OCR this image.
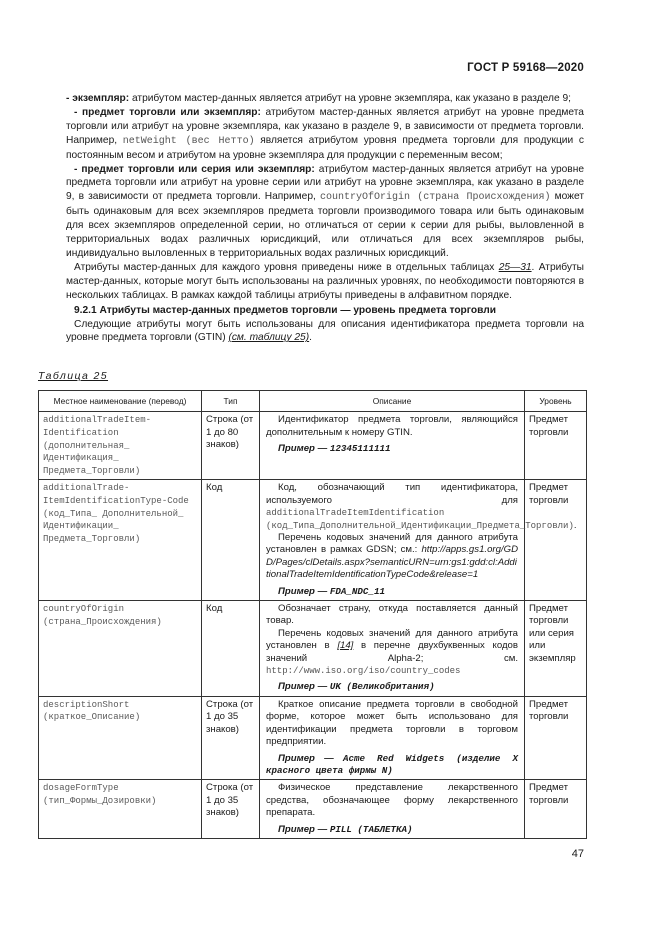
ГОСТ Р 59168—2020

- экземпляр: атрибутом мастер-данных является атрибут на уровне экземпляра, как указано в разделе 9;

- предмет торговли или экземпляр: атрибутом мастер-данных является атрибут на уровне предмета торговли или атрибут на уровне экземпляра, как указано в разделе 9, в зависимости от предмета торговли. Например, netWeight (вес Нетто) является атрибутом уровня предмета торговли для продукции с постоянным весом и атрибутом на уровне экземпляра для продукции с переменным весом;

- предмет торговли или серия или экземпляр: атрибутом мастер-данных является атрибут на уровне предмета торговли или атрибут на уровне серии или атрибут на уровне экземпляра, как указано в разделе 9, в зависимости от предмета торговли. Например, countryOfOrigin (страна Происхождения) может быть одинаковым для всех экземпляров предмета торговли производимого товара или быть одинаковым для всех экземпляров определенной серии, но отличаться от серии к серии для рыбы, выловленной в территориальных водах различных юрисдикций, или отличаться для всех экземпляров рыбы, индивидуально выловленных в территориальных водах различных юрисдикций.

Атрибуты мастер-данных для каждого уровня приведены ниже в отдельных таблицах 25—31. Атрибуты мастер-данных, которые могут быть использованы на различных уровнях, по необходимости повторяются в нескольких таблицах. В рамках каждой таблицы атрибуты приведены в алфавитном порядке.

9.2.1 Атрибуты мастер-данных предметов торговли — уровень предмета торговли

Следующие атрибуты могут быть использованы для описания идентификатора предмета торговли на уровне предмета торговли (GTIN) (см. таблицу 25).

Таблица 25
Местное наименование (перевод)	Тип	Описание	Уровень
additionalTradeItem-Identification (дополнительная_ Идентификация_ Предмета_Торговли)	Строка (от 1 до 80 знаков)	Идентификатор предмета торговли, являющийся дополнительным к номеру GTIN.

Пример — 12345111111	Предмет торговли
additionalTrade-ItemIdentificationType-Code (код_Типа_ Дополнительной_ Идентификации_ Предмета_Торговли)	Код	Код, обозначающий тип идентификатора, используемого для additionalTradeItemIdentification (код_Типа_Дополнительной_Идентификации_Предмета_Торговли).

Перечень кодовых значений для данного атрибута установлен в рамках GDSN; см.: http://apps.gs1.org/GDD/Pages/clDetails.aspx?semanticURN=urn:gs1:gdd:cl:AdditionalTradeItemIdentificationTypeCode&release=1

Пример — FDA_NDC_11	Предмет торговли
countryOfOrigin (страна_Происхождения)	Код	Обозначает страну, откуда поставляется данный товар.

Перечень кодовых значений для данного атрибута установлен в [14] в перечне двухбуквенных кодов значений Alpha-2; см. http://www.iso.org/iso/country_codes

Пример — UK (Великобритания)	Предмет торговли или серия или экземпляр
descriptionShort (краткое_Описание)	Строка (от 1 до 35 знаков)	Краткое описание предмета торговли в свободной форме, которое может быть использовано для идентификации предмета торговли в торговом предприятии.

Пример — Acme Red Widgets (изделие X красного цвета фирмы N)	Предмет торговли
dosageFormType (тип_Формы_Дозировки)	Строка (от 1 до 35 знаков)	Физическое представление лекарственного средства, обозначающее форму лекарственного препарата.

Пример — PILL (ТАБЛЕТКА)	Предмет торговли
47
